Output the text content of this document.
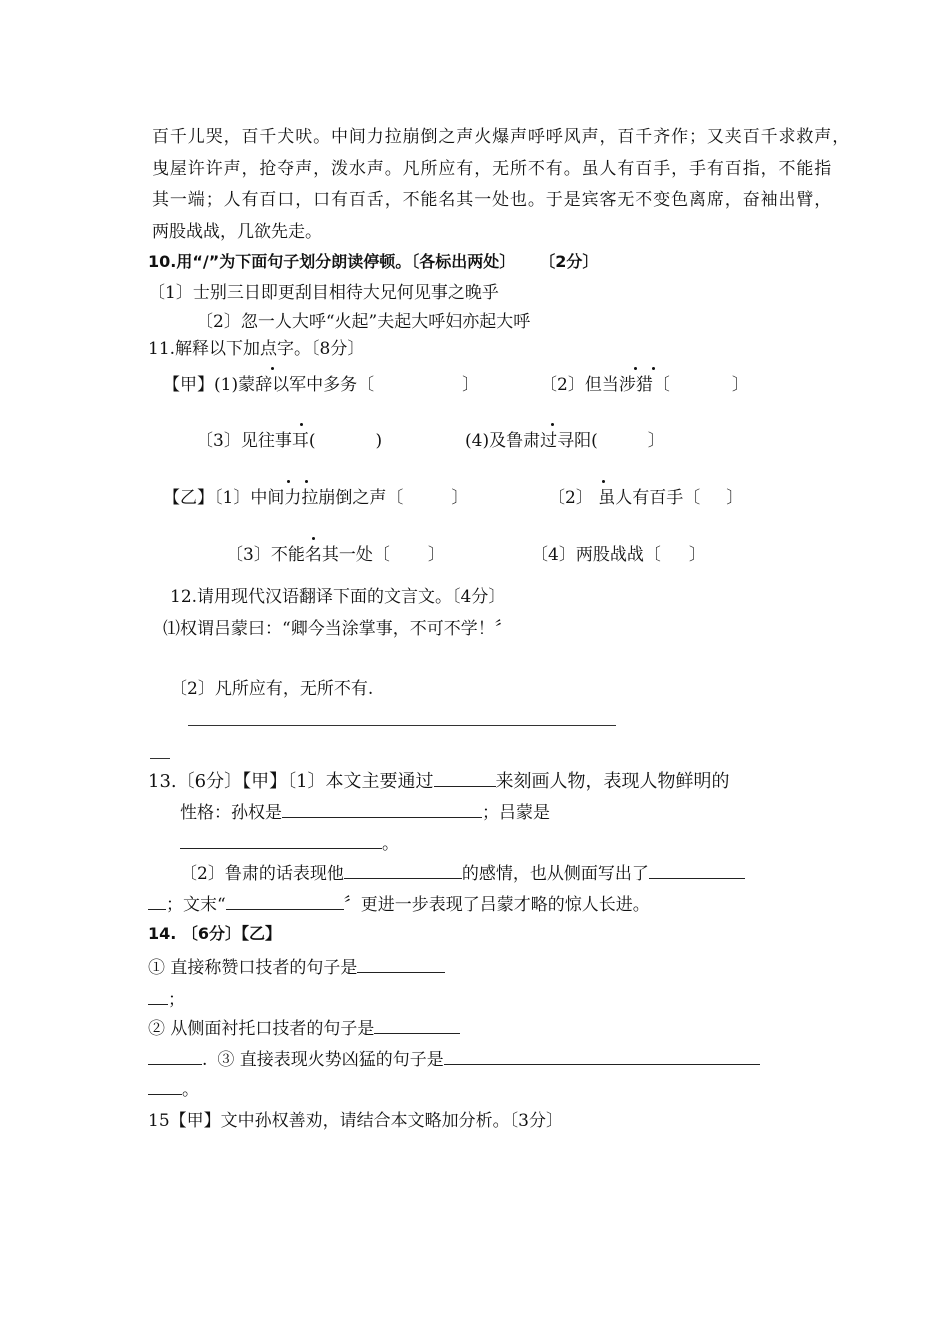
百千儿哭，百千犬吠。中间力拉崩倒之声火爆声呼呼风声，百千齐作；又夹百千求救声，
曳屋许许声，抢夺声，泼水声。凡所应有，无所不有。虽人有百手，手有百指，不能指
其一端；人有百口，口有百舌，不能名其一处也。于是宾客无不变色离席，奋袖出臂，
两股战战，几欲先走。
10.用“/”为下面句子划分朗读停顿。〔各标出两处〕 〔2分〕
〔1〕士别三日即更刮目相待大兄何见事之晚乎
〔2〕忽一人大呼“火起”夫起大呼妇亦起大呼
11.解释以下加点字。〔8分〕
【甲】(1)蒙辞以军中多务〔	〕	〔2〕但当涉猎〔	〕
〔3〕见往事耳(	)	(4)及鲁肃过寻阳(	〕
【乙】〔1〕中间力拉崩倒之声〔	〕	〔2〕 虽人有百手〔 〕
〔3〕不能名其一处〔 〕	〔4〕两股战战〔 〕
12.请用现代汉语翻译下面的文言文。〔4分〕
⑴权谓吕蒙曰：“卿今当涂掌事，不可不学！〞
〔2〕凡所应有，无所不有.
13.〔6分〕【甲】〔1〕本文主要通过	来刻画人物，表现人物鲜明的
性格：孙权是	；吕蒙是
。
〔2〕鲁肃的话表现他	的感情，也从侧面写出了
；文末“	〞更进一步表现了吕蒙才略的惊人长进。
14. 〔6分〕【乙】
① 直接称赞口技者的句子是
；
② 从侧面衬托口技者的句子是
. ③ 直接表现火势凶猛的句子是
。
15【甲】文中孙权善劝，请结合本文略加分析。〔3分〕
